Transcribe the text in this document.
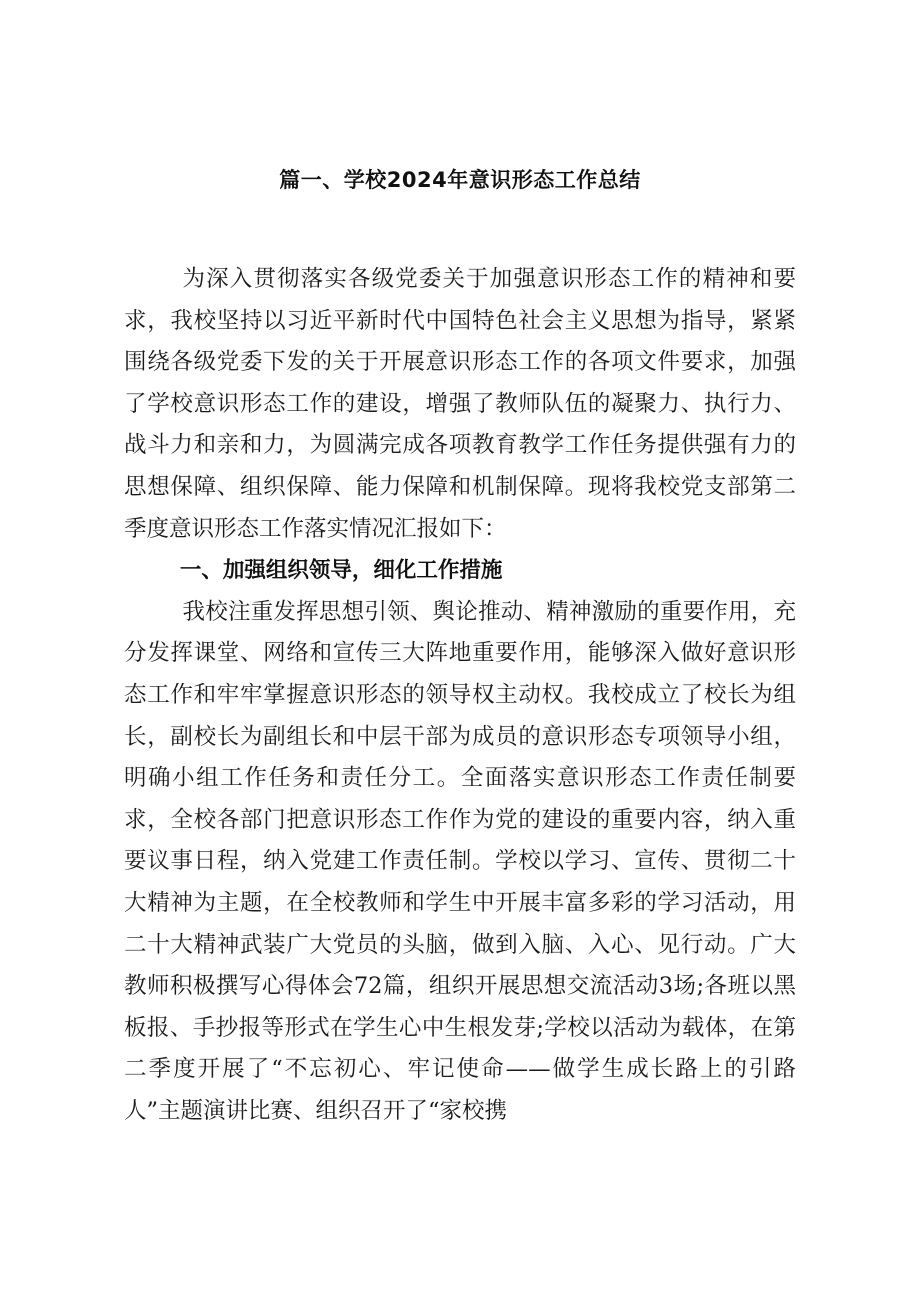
篇一、学校2024年意识形态工作总结

为深入贯彻落实各级党委关于加强意识形态工作的精神和要求，我校坚持以习近平新时代中国特色社会主义思想为指导，紧紧围绕各级党委下发的关于开展意识形态工作的各项文件要求，加强了学校意识形态工作的建设，增强了教师队伍的凝聚力、执行力、战斗力和亲和力，为圆满完成各项教育教学工作任务提供强有力的思想保障、组织保障、能力保障和机制保障。现将我校党支部第二季度意识形态工作落实情况汇报如下：

一、加强组织领导，细化工作措施

我校注重发挥思想引领、舆论推动、精神激励的重要作用，充分发挥课堂、网络和宣传三大阵地重要作用，能够深入做好意识形态工作和牢牢掌握意识形态的领导权主动权。我校成立了校长为组长，副校长为副组长和中层干部为成员的意识形态专项领导小组，明确小组工作任务和责任分工。全面落实意识形态工作责任制要求，全校各部门把意识形态工作作为党的建设的重要内容，纳入重要议事日程，纳入党建工作责任制。学校以学习、宣传、贯彻二十大精神为主题，在全校教师和学生中开展丰富多彩的学习活动，用二十大精神武装广大党员的头脑，做到入脑、入心、见行动。广大教师积极撰写心得体会72篇，组织开展思想交流活动3场;各班以黑板报、手抄报等形式在学生心中生根发芽;学校以活动为载体，在第二季度开展了“不忘初心、牢记使命——做学生成长路上的引路人”主题演讲比赛、组织召开了“家校携
